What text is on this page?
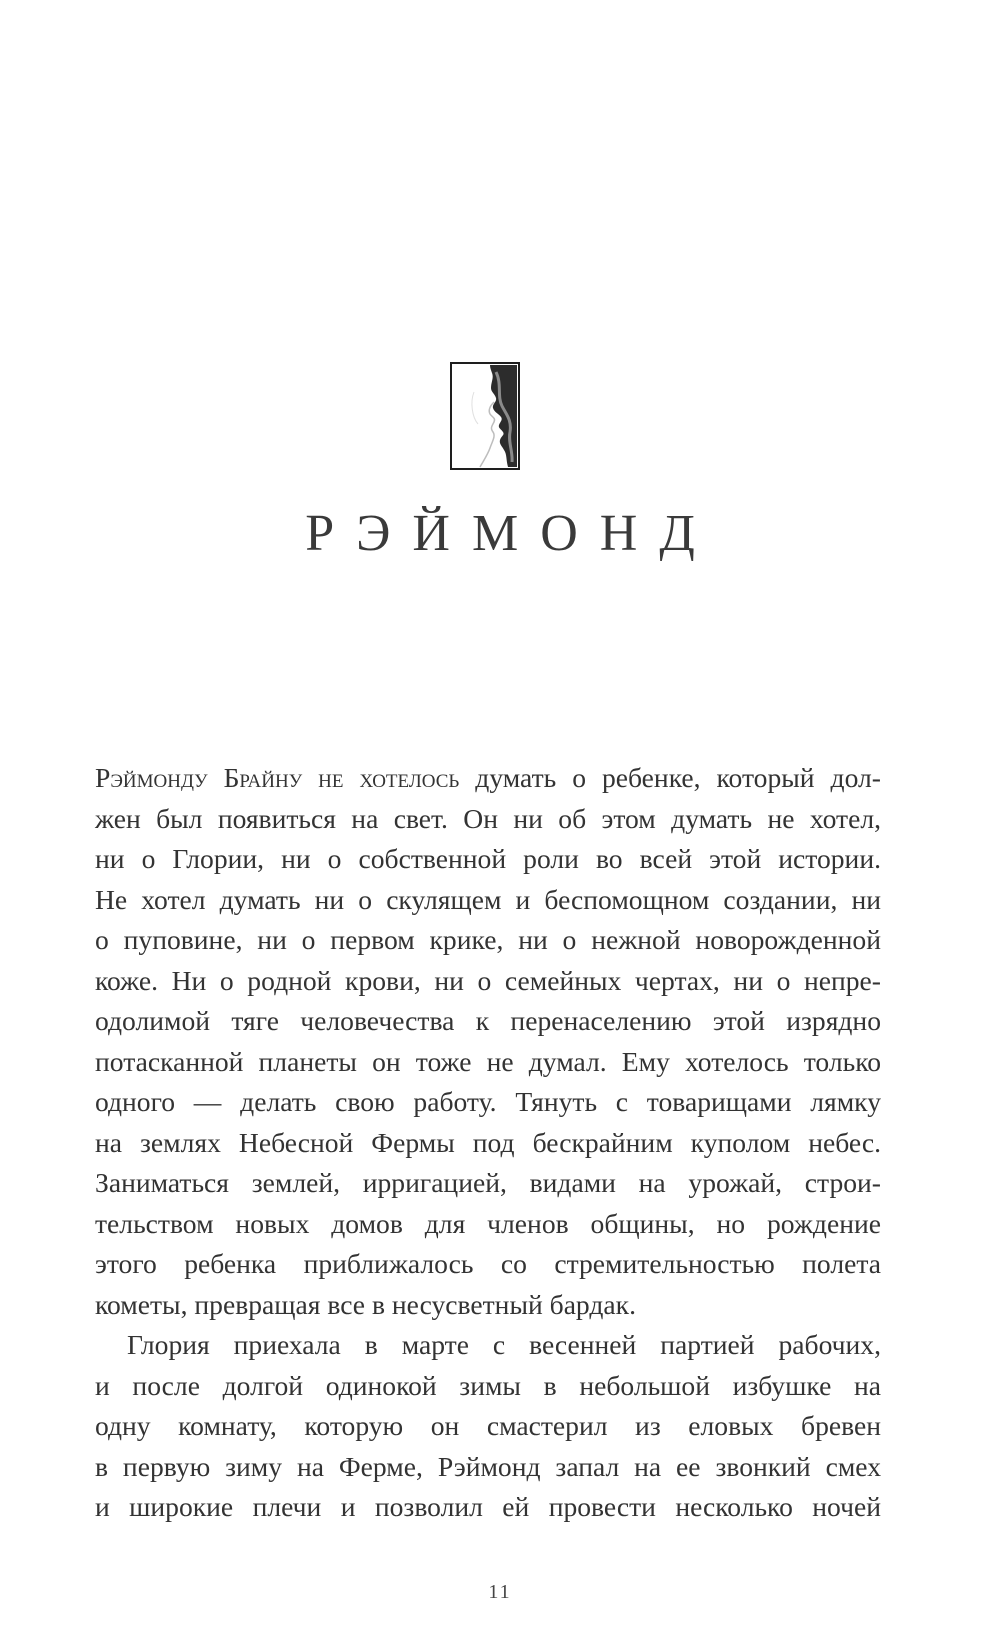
РЭЙМОНД

Рэймонду Брайну не хотелось думать о ребенке, который дол-
жен был появиться на свет. Он ни об этом думать не хотел,
ни о Глории, ни о собственной роли во всей этой истории.
Не хотел думать ни о скулящем и беспомощном создании, ни
о пуповине, ни о первом крике, ни о нежной новорожденной
коже. Ни о родной крови, ни о семейных чертах, ни о непре-
одолимой тяге человечества к перенаселению этой изрядно
потасканной планеты он тоже не думал. Ему хотелось только
одного — делать свою работу. Тянуть с товарищами лямку
на землях Небесной Фермы под бескрайним куполом небес.
Заниматься землей, ирригацией, видами на урожай, строи-
тельством новых домов для членов общины, но рождение
этого ребенка приближалось со стремительностью полета
кометы, превращая все в несусветный бардак.

Глория приехала в марте с весенней партией рабочих,
и после долгой одинокой зимы в небольшой избушке на
одну комнату, которую он смастерил из еловых бревен
в первую зиму на Ферме, Рэймонд запал на ее звонкий смех
и широкие плечи и позволил ей провести несколько ночей

11
